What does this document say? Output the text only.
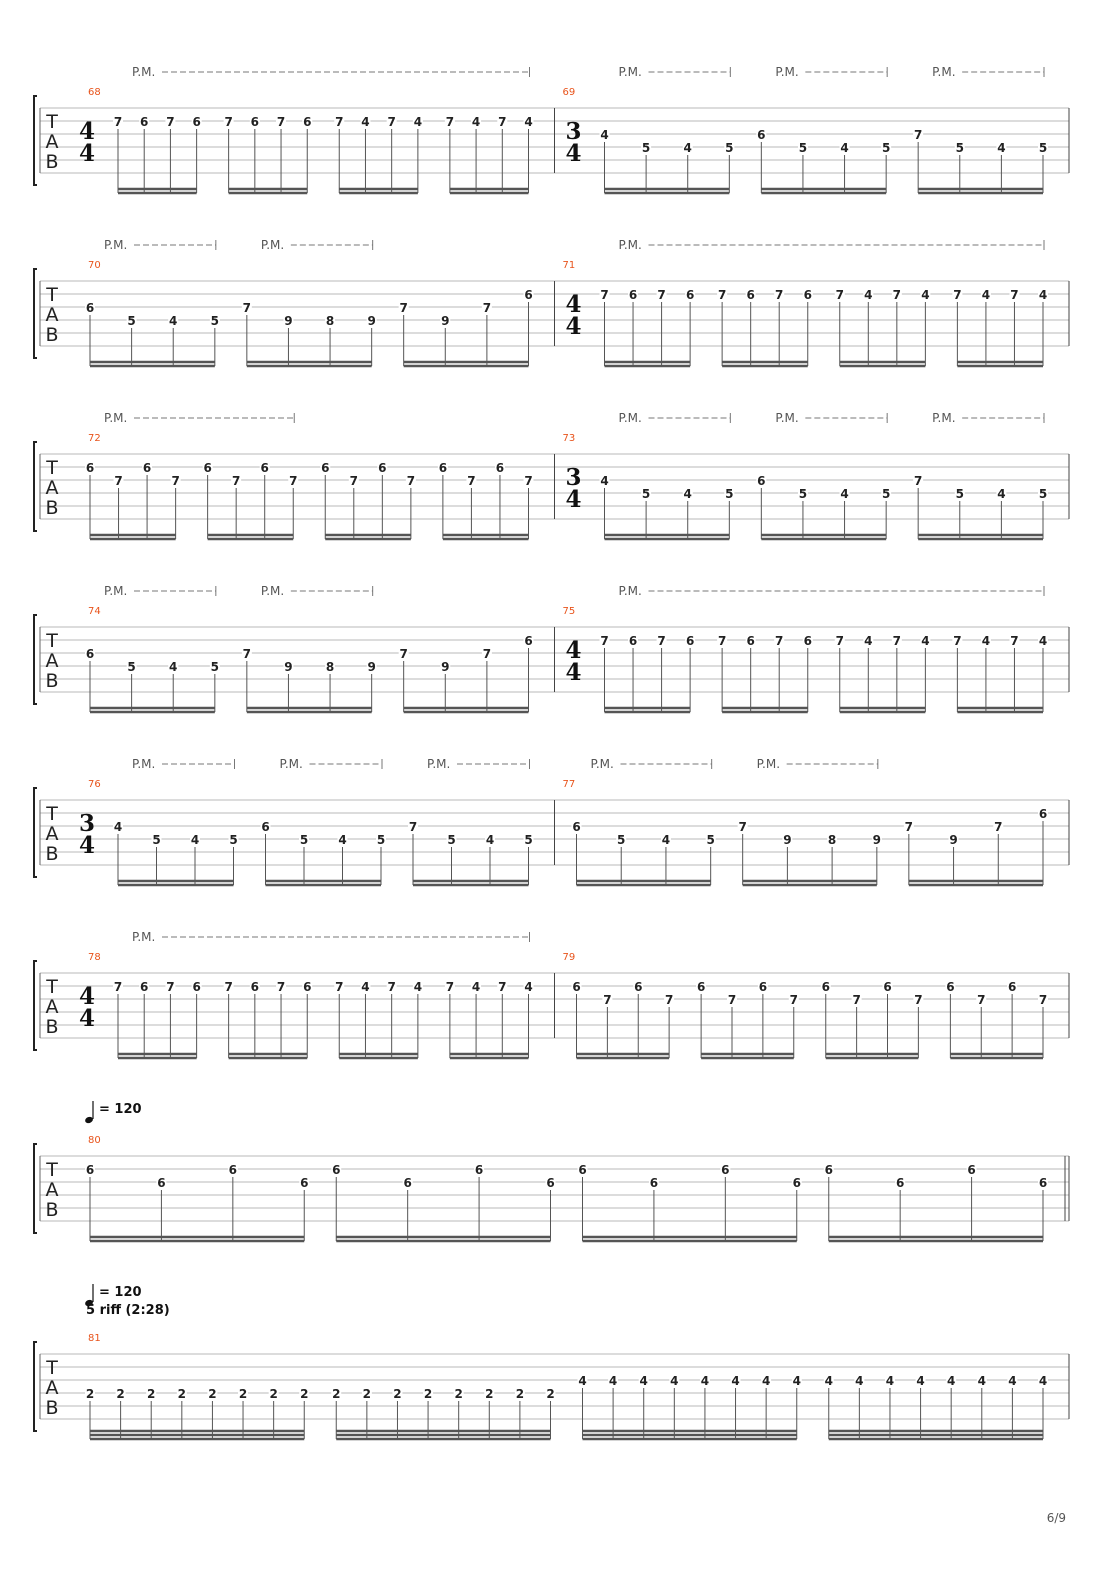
T
A
B
68
4
4
7 6 7 6 7 6 7 6 7 4 7 4 7 4 7 4
69
3
4
4
5	4	5
6
5	4	5
7
5	4	5
P.M.	P.M.	P.M.	P.M.
T
A
B
70
6
5	4	5
7
9	8	9
7
9
7
6
71
4
4
7 6 7 6 7 6 7 6 7 4 7 4 7 4 7 4
P.M.	P.M.	P.M.
T
A
B
72
6
7
6
7
6
7
6
7
6
7
6
7
6
7
6
7
73
3
4
4
5	4	5
6
5	4	5
7
5	4	5
P.M.	P.M.	P.M.	P.M.
T
A
B
74
6
5	4	5
7
9	8	9
7
9
7
6
75
4
4
7 6 7 6 7 6 7 6 7 4 7 4 7 4 7 4
P.M.	P.M.	P.M.
T
A
B
76
3
4
4
5	4	5
6
5	4	5
7
5	4	5
77
6
5	4	5
7
9	8	9
7
9
7
6
P.M.	P.M.	P.M.	P.M.	P.M.
T
A
B
78
4
4
7 6 7 6 7 6 7 6 7 4 7 4 7 4 7 4
79
6
7
6
7
6
7
6
7
6
7
6
7
6
7
6
7
P.M.
T
A
B
80
6
6
6
6
6
6
6
6
6
6
6
6
6
6
6
6
= 120
T
A
B
81
2 2 2 2 2 2 2 2 2 2 2 2 2 2 2 2
4 4 4 4 4 4 4 4 4 4 4 4 4 4 4 4
= 120
5 riff (2:28)
6/9
